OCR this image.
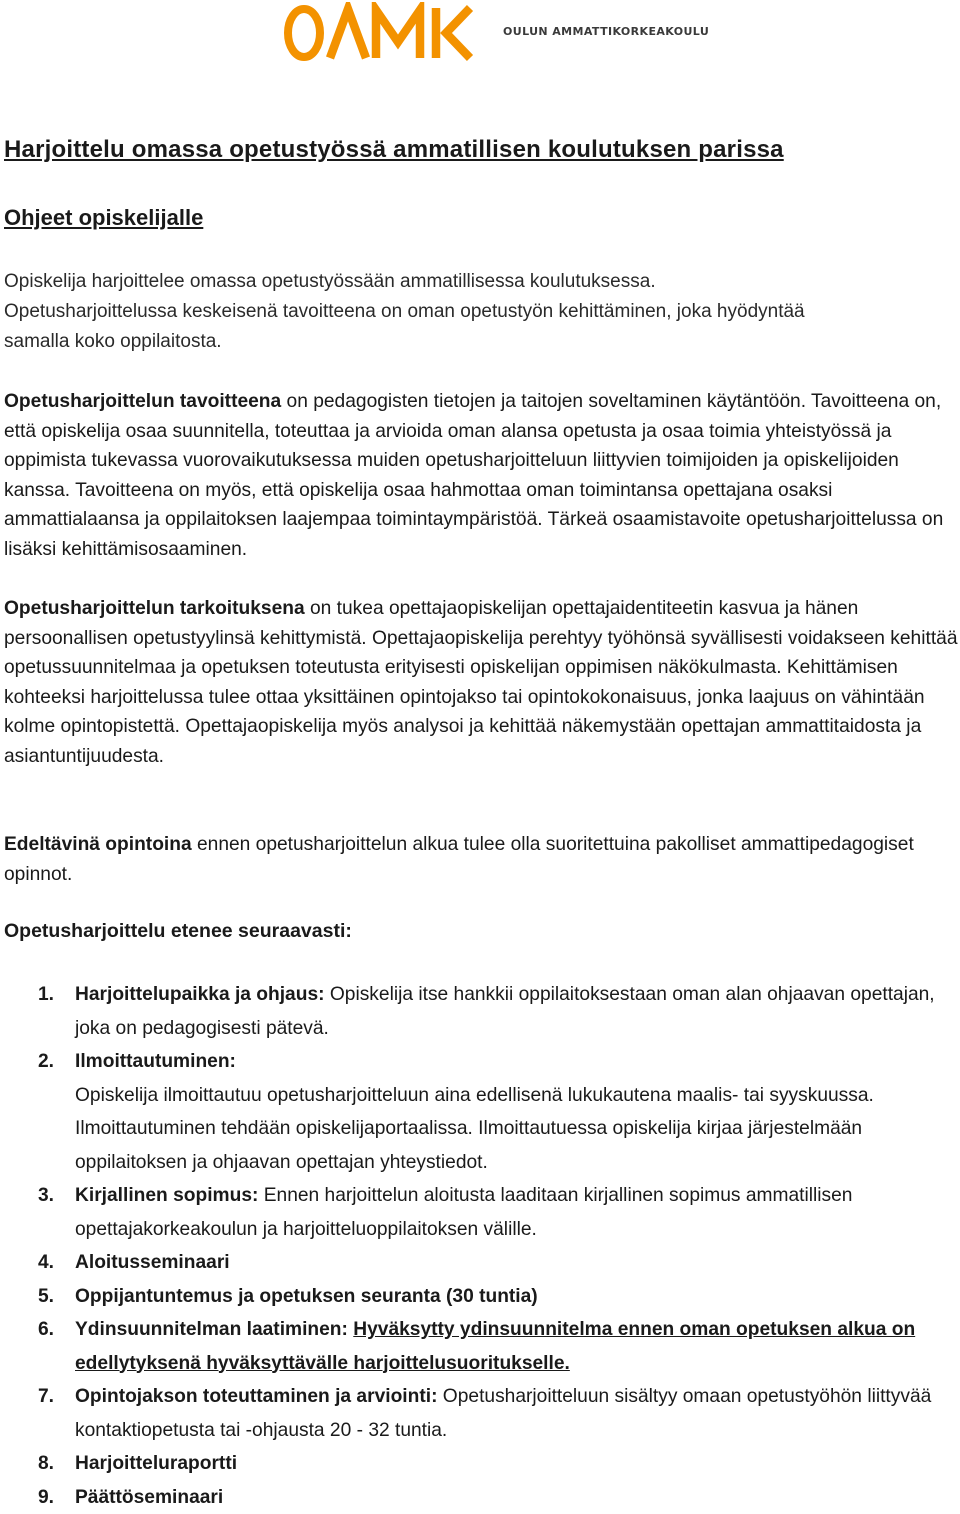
OULUN AMMATTIKORKEAKOULU
Harjoittelu omassa opetustyössä ammatillisen koulutuksen parissa
Ohjeet opiskelijalle
Opiskelija harjoittelee omassa opetustyössään ammatillisessa koulutuksessa.
Opetusharjoittelussa keskeisenä tavoitteena on oman opetustyön kehittäminen, joka hyödyntää
samalla koko oppilaitosta.
Opetusharjoittelun tavoitteena on pedagogisten tietojen ja taitojen soveltaminen käytäntöön. Tavoitteena on, että opiskelija osaa suunnitella, toteuttaa ja arvioida oman alansa opetusta ja osaa toimia yhteistyössä ja oppimista tukevassa vuorovaikutuksessa muiden opetusharjoitteluun liittyvien toimijoiden ja opiskelijoiden kanssa. Tavoitteena on myös, että opiskelija osaa hahmottaa oman toimintansa opettajana osaksi ammattialaansa ja oppilaitoksen laajempaa toimintaympäristöä. Tärkeä osaamistavoite opetusharjoittelussa on lisäksi kehittämisosaaminen.
Opetusharjoittelun tarkoituksena on tukea opettajaopiskelijan opettajaidentiteetin kasvua ja hänen persoonallisen opetustyylinsä kehittymistä. Opettajaopiskelija perehtyy työhönsä syvällisesti voidakseen kehittää opetussuunnitelmaa ja opetuksen toteutusta erityisesti opiskelijan oppimisen näkökulmasta. Kehittämisen kohteeksi harjoittelussa tulee ottaa yksittäinen opintojakso tai opintokokonaisuus, jonka laajuus on vähintään kolme opintopistettä. Opettajaopiskelija myös analysoi ja kehittää näkemystään opettajan ammattitaidosta ja asiantuntijuudesta.
Edeltävinä opintoina ennen opetusharjoittelun alkua tulee olla suoritettuina pakolliset ammattipedagogiset opinnot.
Opetusharjoittelu etenee seuraavasti:
1. Harjoittelupaikka ja ohjaus: Opiskelija itse hankkii oppilaitoksestaan oman alan ohjaavan opettajan, joka on pedagogisesti pätevä.
2. Ilmoittautuminen:
Opiskelija ilmoittautuu opetusharjoitteluun aina edellisenä lukukautena maalis- tai syyskuussa. Ilmoittautuminen tehdään opiskelijaportaalissa. Ilmoittautuessa opiskelija kirjaa järjestelmään oppilaitoksen ja ohjaavan opettajan yhteystiedot.
3. Kirjallinen sopimus: Ennen harjoittelun aloitusta laaditaan kirjallinen sopimus ammatillisen opettajakorkeakoulun ja harjoitteluoppilaitoksen välille.
4. Aloitusseminaari
5. Oppijantuntemus ja opetuksen seuranta (30 tuntia)
6. Ydinsuunnitelman laatiminen: Hyväksytty ydinsuunnitelma ennen oman opetuksen alkua on edellytyksenä hyväksyttävälle harjoittelusuoritukselle.
7. Opintojakson toteuttaminen ja arviointi: Opetusharjoitteluun sisältyy omaan opetustyöhön liittyvää kontaktiopetusta tai -ohjausta 20 - 32 tuntia.
8. Harjoitteluraportti
9. Päättöseminaari
